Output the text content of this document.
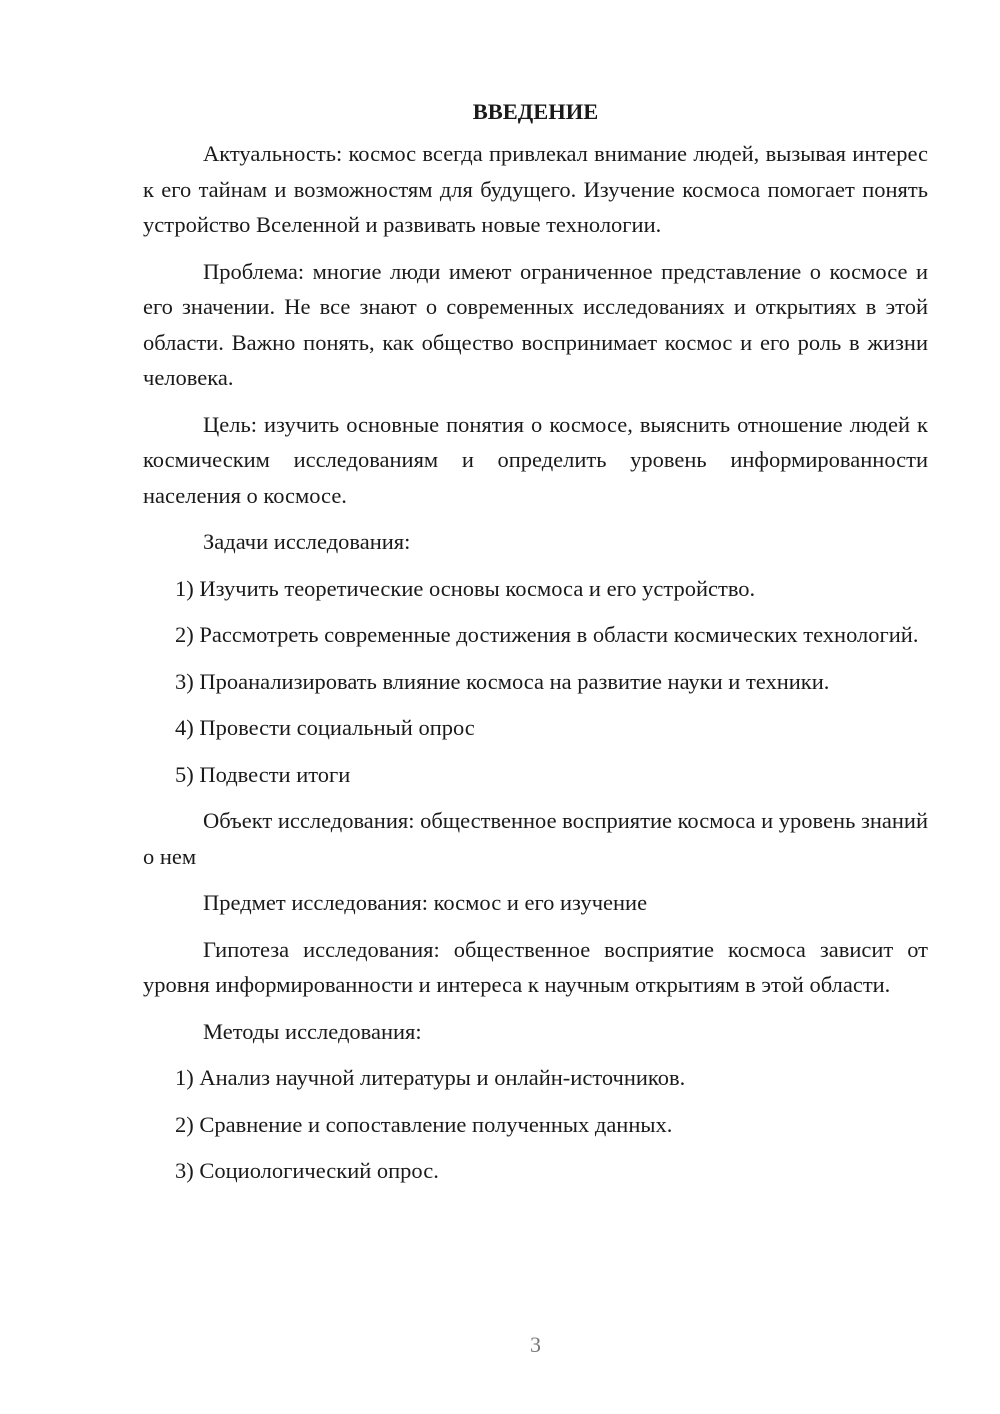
ВВЕДЕНИЕ

Актуальность: космос всегда привлекал внимание людей, вызывая интерес к его тайнам и возможностям для будущего. Изучение космоса помогает понять устройство Вселенной и развивать новые технологии.

Проблема: многие люди имеют ограниченное представление о космосе и его значении. Не все знают о современных исследованиях и открытиях в этой области. Важно понять, как общество воспринимает космос и его роль в жизни человека.

Цель: изучить основные понятия о космосе, выяснить отношение людей к космическим исследованиям и определить уровень информированности населения о космосе.

Задачи исследования:

1) Изучить теоретические основы космоса и его устройство.

2) Рассмотреть современные достижения в области космических технологий.

3) Проанализировать влияние космоса на развитие науки и техники.

4) Провести социальный опрос

5) Подвести итоги

Объект исследования: общественное восприятие космоса и уровень знаний о нем

Предмет исследования: космос и его изучение

Гипотеза исследования: общественное восприятие космоса зависит от уровня информированности и интереса к научным открытиям в этой области.

Методы исследования:

1) Анализ научной литературы и онлайн-источников.

2) Сравнение и сопоставление полученных данных.

3) Социологический опрос.

3
